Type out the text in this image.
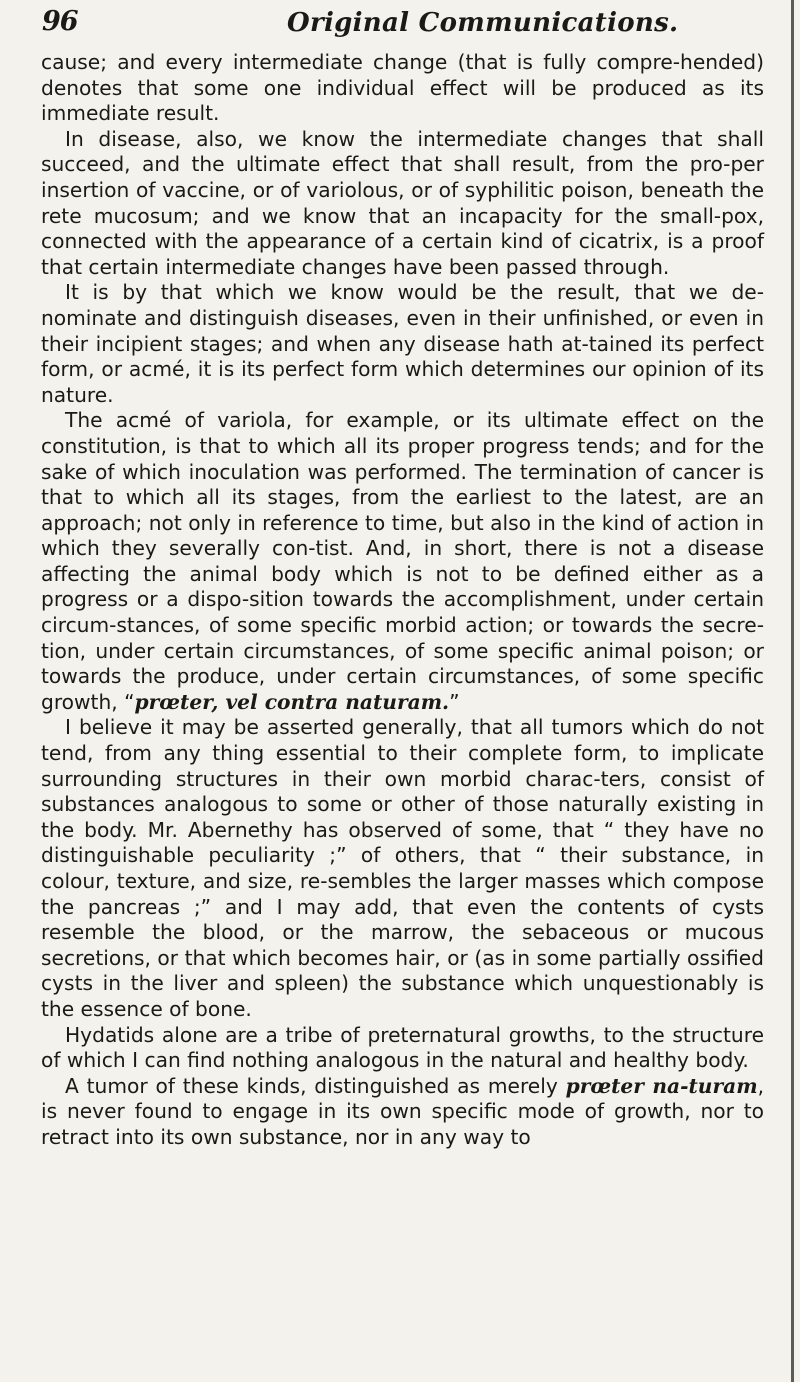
96	Original Communications.

cause; and every intermediate change (that is fully compre-hended) denotes that some one individual effect will be produced as its immediate result.

In disease, also, we know the intermediate changes that shall succeed, and the ultimate effect that shall result, from the pro-per insertion of vaccine, or of variolous, or of syphilitic poison, beneath the rete mucosum; and we know that an incapacity for the small-pox, connected with the appearance of a certain kind of cicatrix, is a proof that certain intermediate changes have been passed through.

It is by that which we know would be the result, that we de-nominate and distinguish diseases, even in their unfinished, or even in their incipient stages; and when any disease hath at-tained its perfect form, or acmé, it is its perfect form which determines our opinion of its nature.

The acmé of variola, for example, or its ultimate effect on the constitution, is that to which all its proper progress tends; and for the sake of which inoculation was performed. The termination of cancer is that to which all its stages, from the earliest to the latest, are an approach; not only in reference to time, but also in the kind of action in which they severally con-tist. And, in short, there is not a disease affecting the animal body which is not to be defined either as a progress or a dispo-sition towards the accomplishment, under certain circum-stances, of some specific morbid action; or towards the secre-tion, under certain circumstances, of some specific animal poison; or towards the produce, under certain circumstances, of some specific growth, “prœter, vel contra naturam.”

I believe it may be asserted generally, that all tumors which do not tend, from any thing essential to their complete form, to implicate surrounding structures in their own morbid charac-ters, consist of substances analogous to some or other of those naturally existing in the body. Mr. Abernethy has observed of some, that “ they have no distinguishable peculiarity ;” of others, that “ their substance, in colour, texture, and size, re-sembles the larger masses which compose the pancreas ;” and I may add, that even the contents of cysts resemble the blood, or the marrow, the sebaceous or mucous secretions, or that which becomes hair, or (as in some partially ossified cysts in the liver and spleen) the substance which unquestionably is the essence of bone.

Hydatids alone are a tribe of preternatural growths, to the structure of which I can find nothing analogous in the natural and healthy body.

A tumor of these kinds, distinguished as merely prœter na-turam, is never found to engage in its own specific mode of growth, nor to retract into its own substance, nor in any way to
